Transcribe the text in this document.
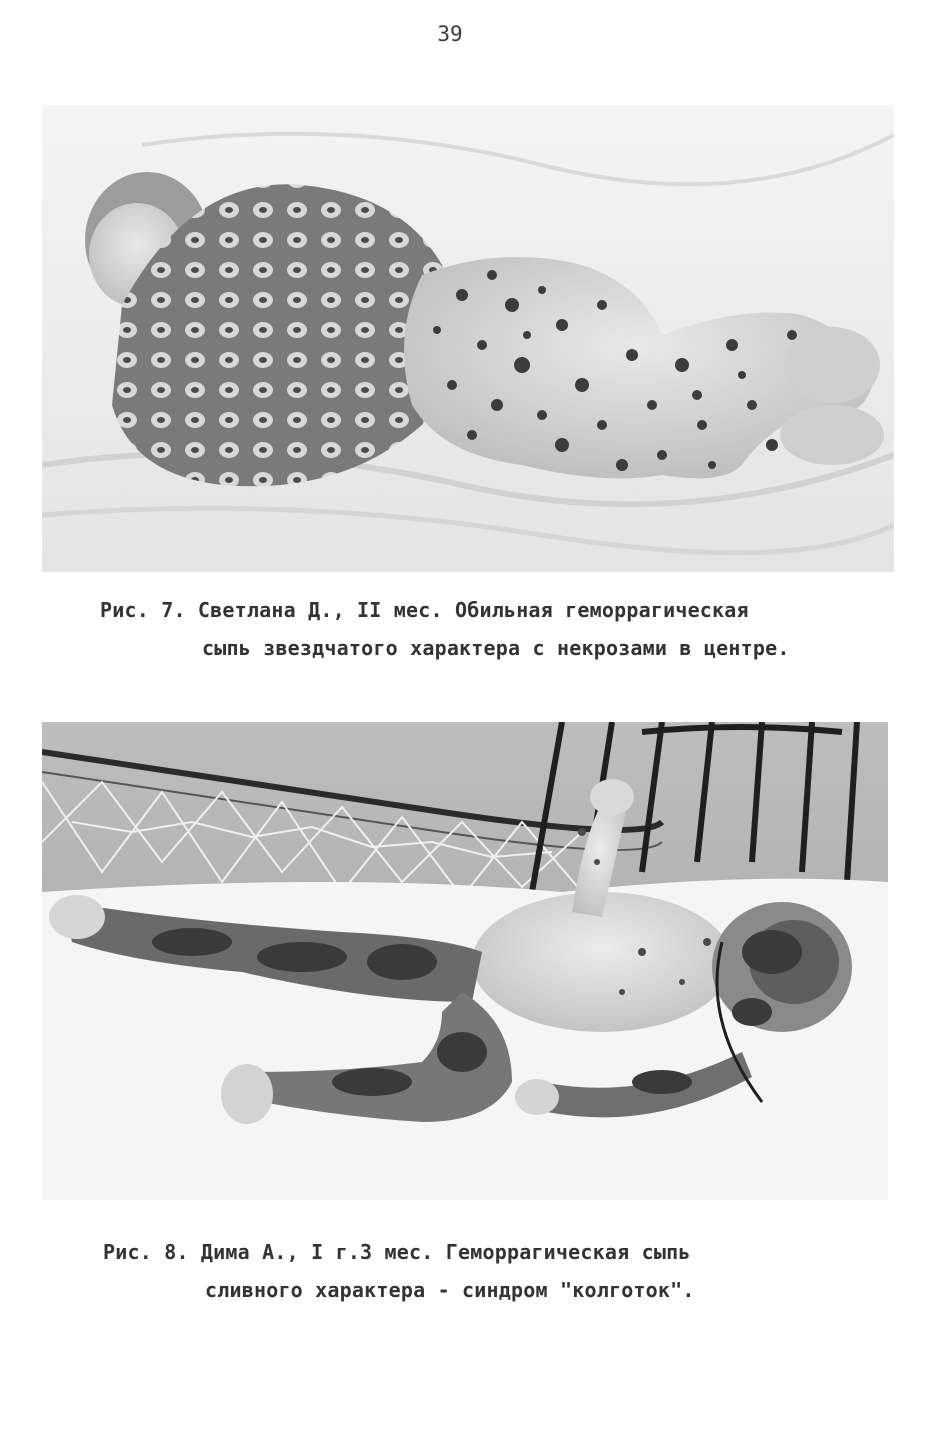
39
Рис. 7. Светлана Д., II мес. Обильная геморрагическая
сыпь звездчатого характера с некрозами в центре.
Рис. 8. Дима А., I г.3 мес. Геморрагическая сыпь
сливного характера - синдром "колготок".
